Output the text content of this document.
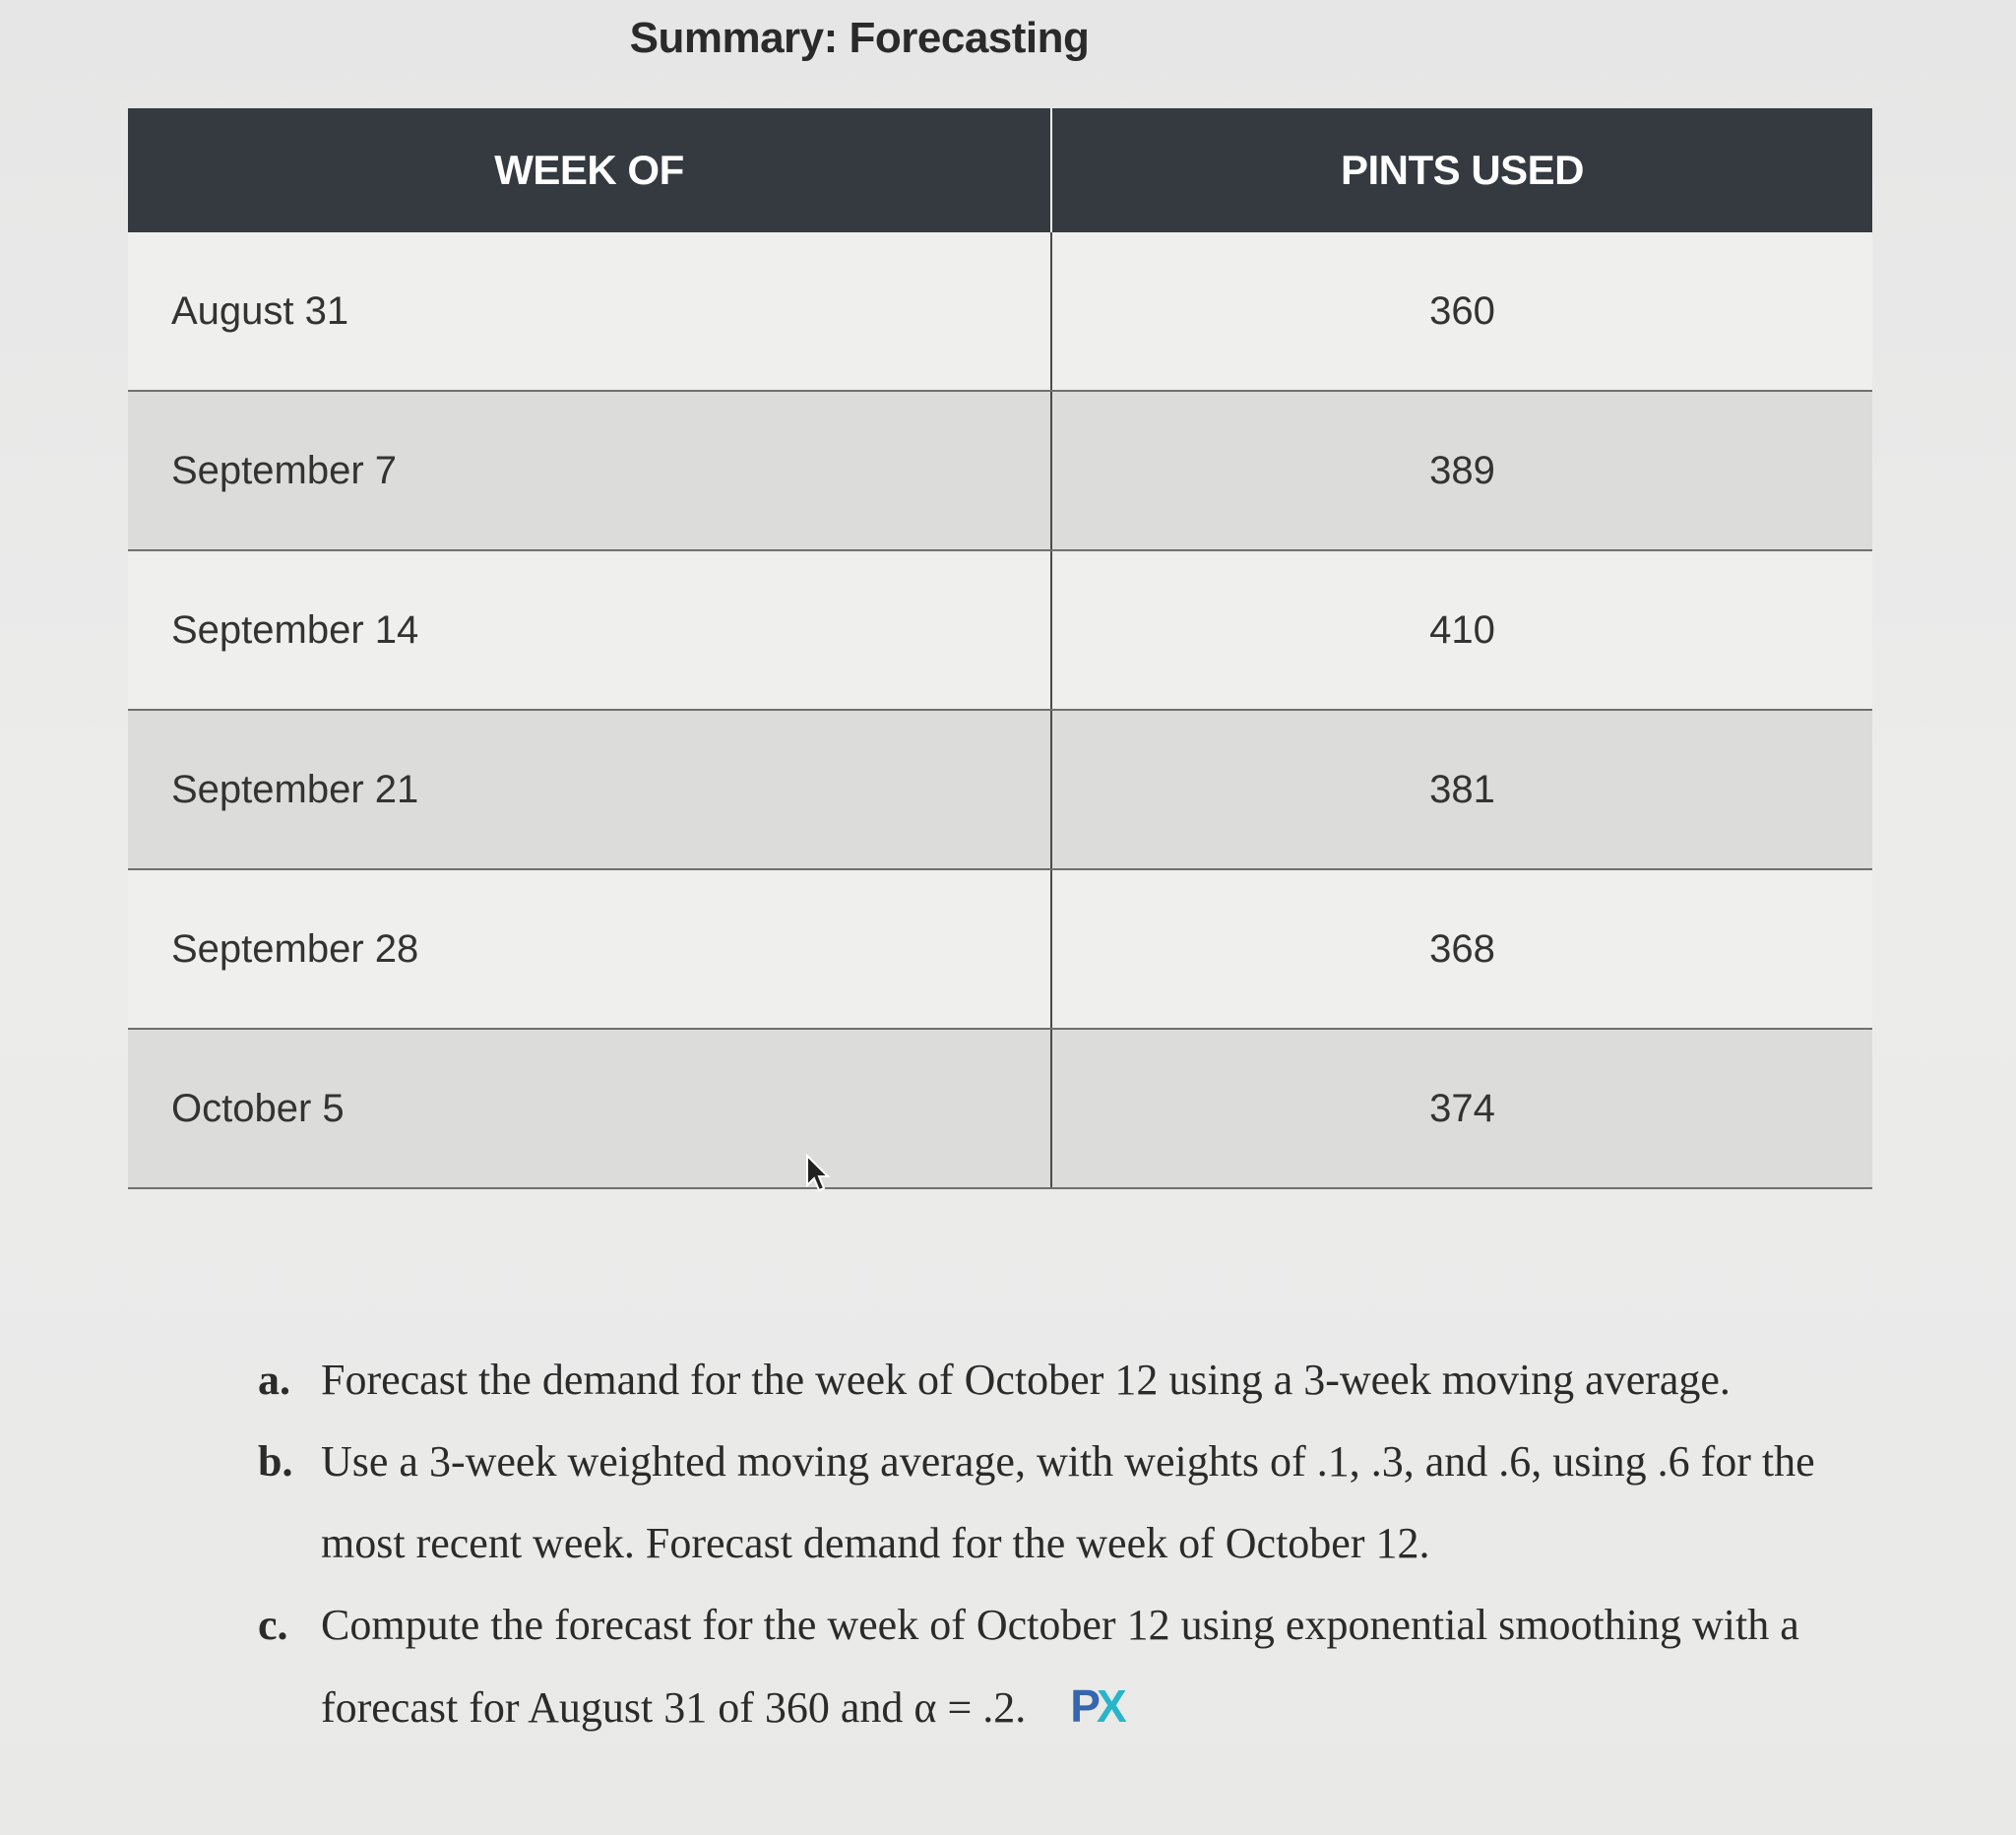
Summary: Forecasting
WEEK OF	PINTS USED
August 31	360
September 7	389
September 14	410
September 21	381
September 28	368
October 5	374
a. Forecast the demand for the week of October 12 using a 3-week moving average.
b. Use a 3-week weighted moving average, with weights of .1, .3, and .6, using .6 for the most recent week. Forecast demand for the week of October 12.
c. Compute the forecast for the week of October 12 using exponential smoothing with a forecast for August 31 of 360 and α = .2. PX
